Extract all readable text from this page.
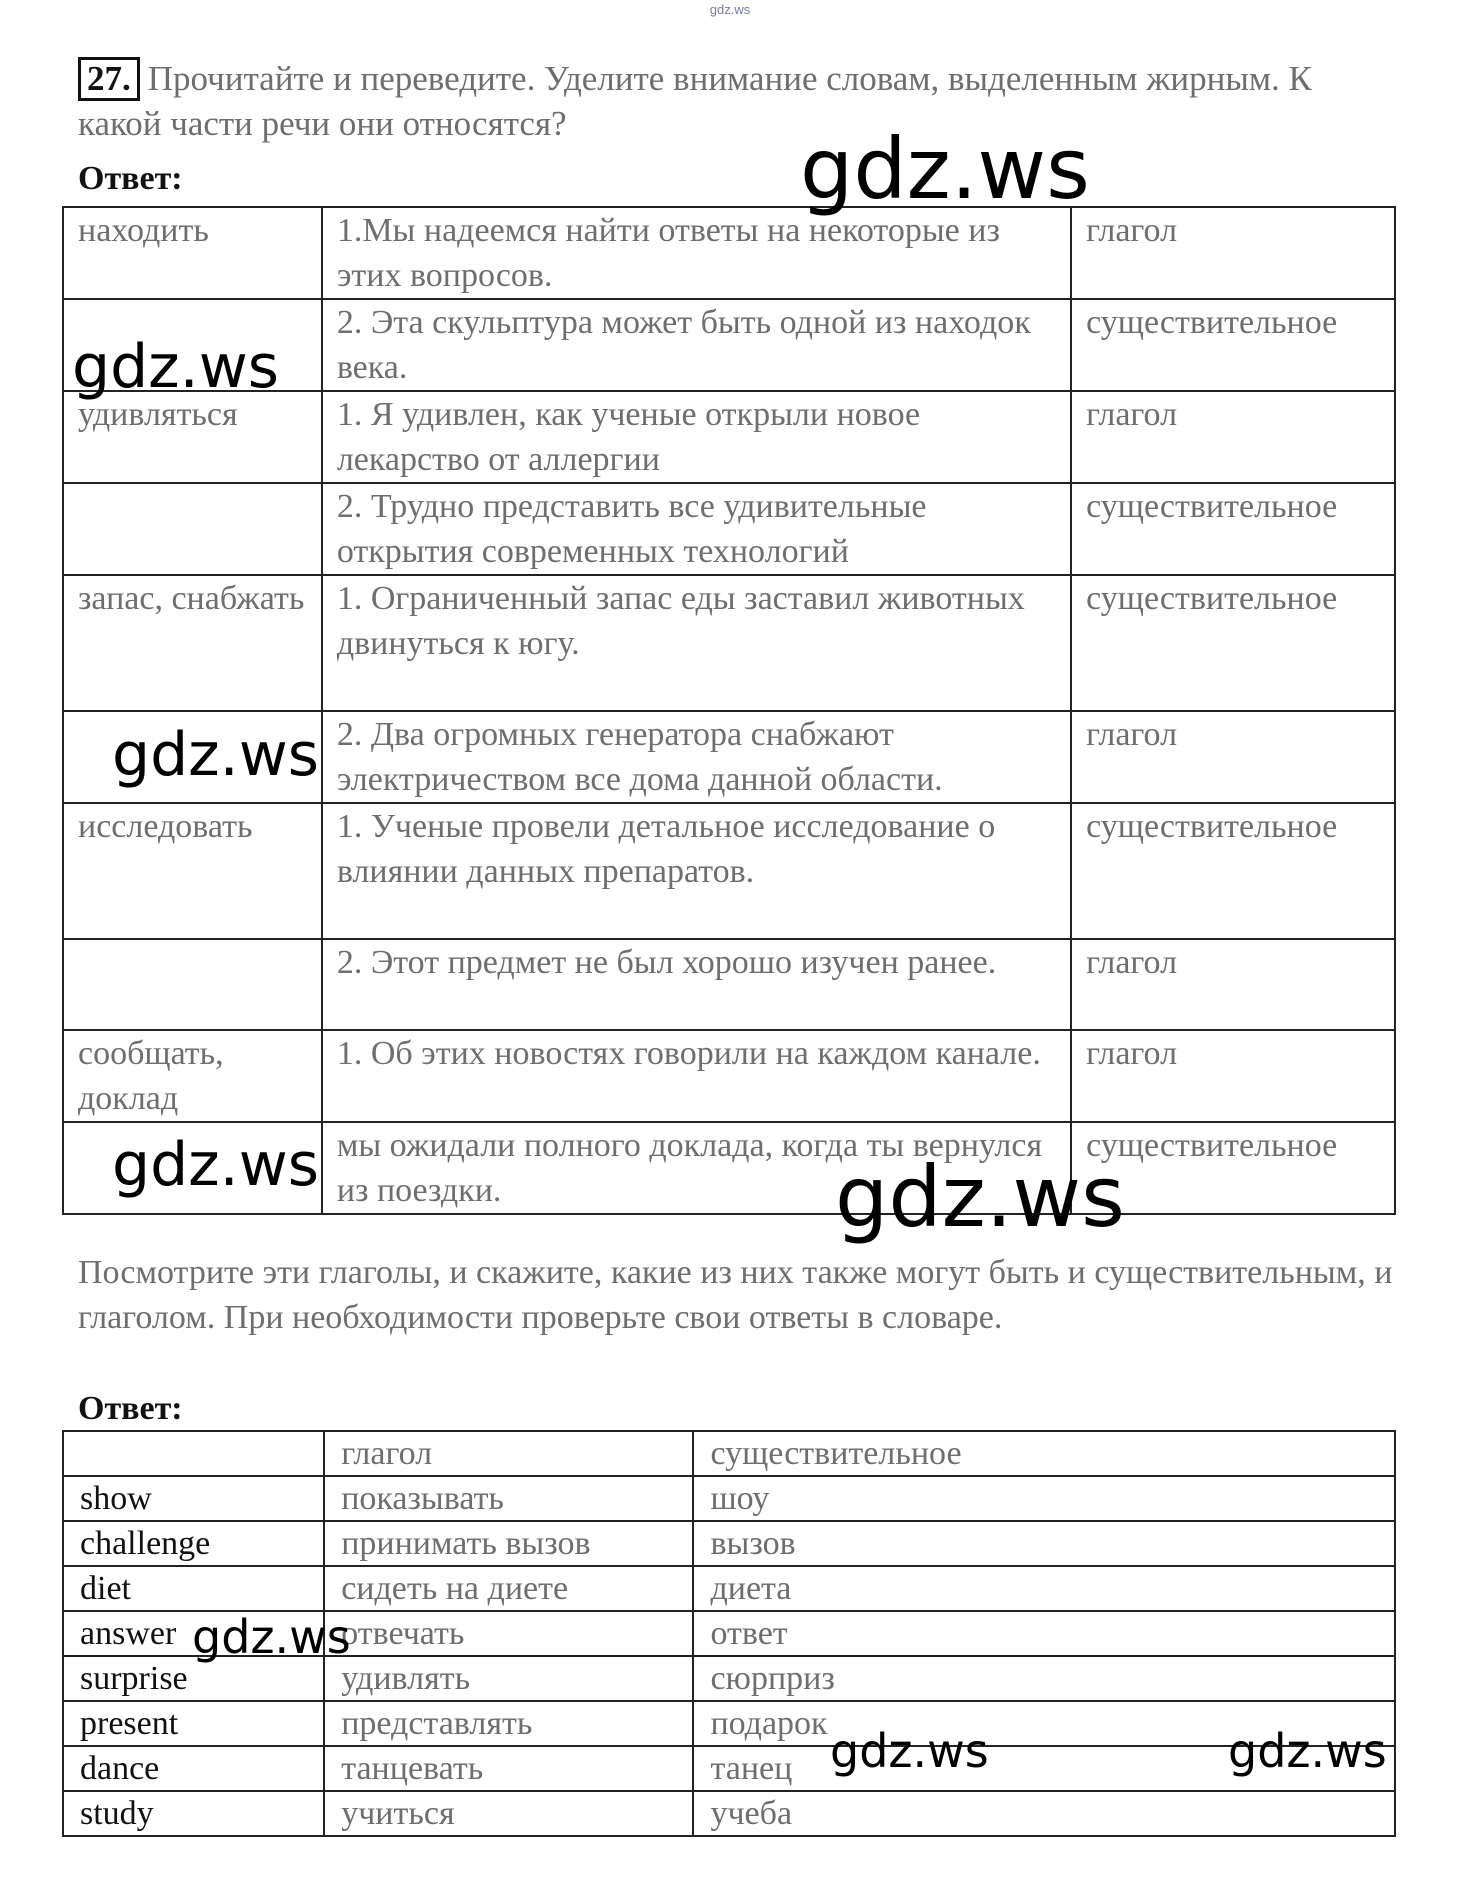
gdz.ws
27. Прочитайте и переведите. Уделите внимание словам, выделенным жирным. К какой части речи они относятся?
Ответ:
находить	1.Мы надеемся найти ответы на некоторые из этих вопросов.	глагол
	2. Эта скульптура может быть одной из находок века.	существительное
удивляться	1. Я удивлен, как ученые открыли новое лекарство от аллергии	глагол
	2. Трудно представить все удивительные открытия современных технологий	существительное
запас, снабжать	1. Ограниченный запас еды заставил животных двинуться к югу.	существительное
	2. Два огромных генератора снабжают электричеством все дома данной области.	глагол
исследовать	1. Ученые провели детальное исследование о влиянии данных препаратов.	существительное
	2. Этот предмет не был хорошо изучен ранее.	глагол
сообщать, доклад	1. Об этих новостях говорили на каждом канале.	глагол
	мы ожидали полного доклада, когда ты вернулся из поездки.	существительное
Посмотрите эти глаголы, и скажите, какие из них также могут быть и существительным, и глаголом. При необходимости проверьте свои ответы в словаре.
Ответ:
	глагол	существительное
show	показывать	шоу
challenge	принимать вызов	вызов
diet	сидеть на диете	диета
answer	отвечать	ответ
surprise	удивлять	сюрприз
present	представлять	подарок
dance	танцевать	танец
study	учиться	учеба
gdz.ws
gdz.ws
gdz.ws
gdz.ws	gdz.ws
gdz.ws
gdz.ws	gdz.ws
